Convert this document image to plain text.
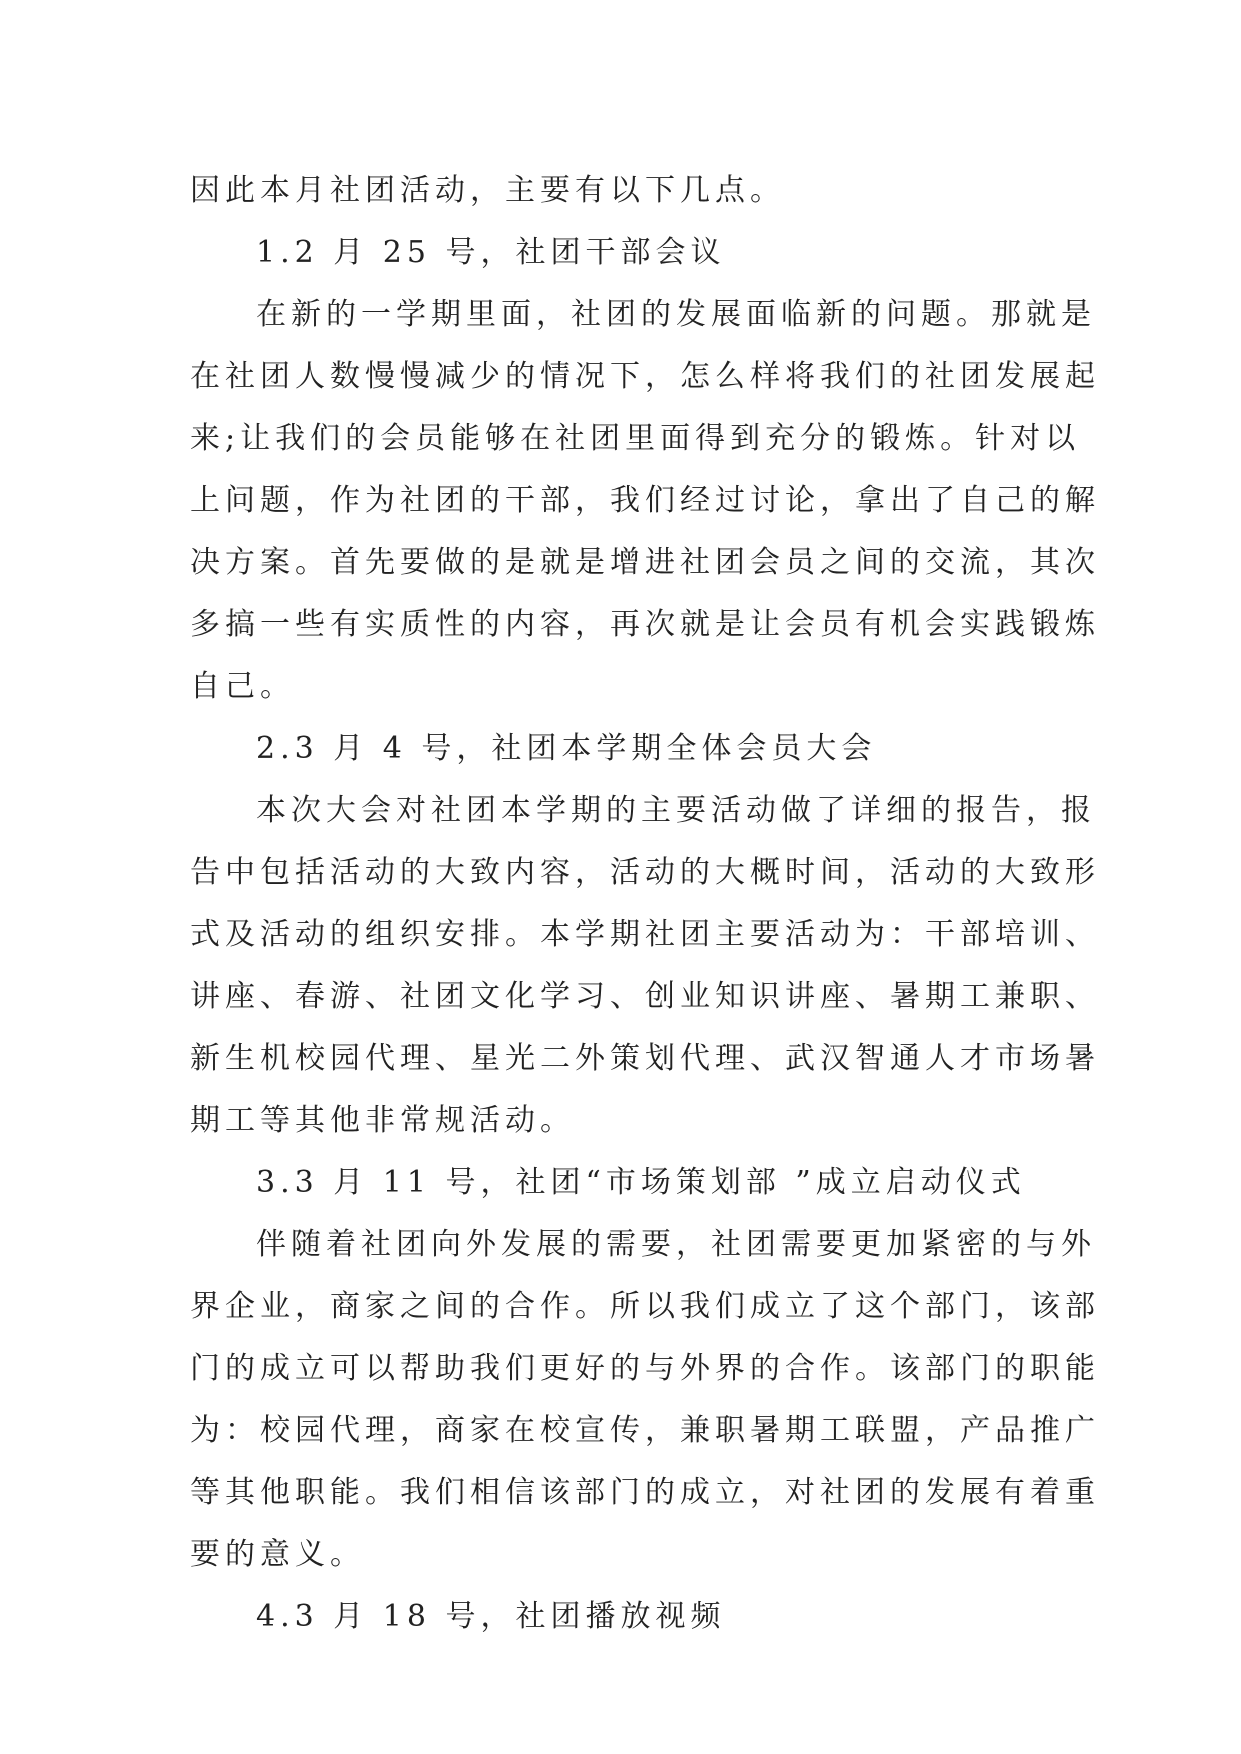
因此本月社团活动，主要有以下几点。
1.2 月 25 号，社团干部会议
在新的一学期里面，社团的发展面临新的问题。那就是
在社团人数慢慢减少的情况下，怎么样将我们的社团发展起
来;让我们的会员能够在社团里面得到充分的锻炼。针对以
上问题，作为社团的干部，我们经过讨论，拿出了自己的解
决方案。首先要做的是就是增进社团会员之间的交流，其次
多搞一些有实质性的内容，再次就是让会员有机会实践锻炼
自己。
2.3 月 4 号，社团本学期全体会员大会
本次大会对社团本学期的主要活动做了详细的报告，报
告中包括活动的大致内容，活动的大概时间，活动的大致形
式及活动的组织安排。本学期社团主要活动为：干部培训、
讲座、春游、社团文化学习、创业知识讲座、暑期工兼职、
新生机校园代理、星光二外策划代理、武汉智通人才市场暑
期工等其他非常规活动。
3.3 月 11 号，社团“市场策划部 ”成立启动仪式
伴随着社团向外发展的需要，社团需要更加紧密的与外
界企业，商家之间的合作。所以我们成立了这个部门，该部
门的成立可以帮助我们更好的与外界的合作。该部门的职能
为：校园代理，商家在校宣传，兼职暑期工联盟，产品推广
等其他职能。我们相信该部门的成立，对社团的发展有着重
要的意义。
4.3 月 18 号，社团播放视频
